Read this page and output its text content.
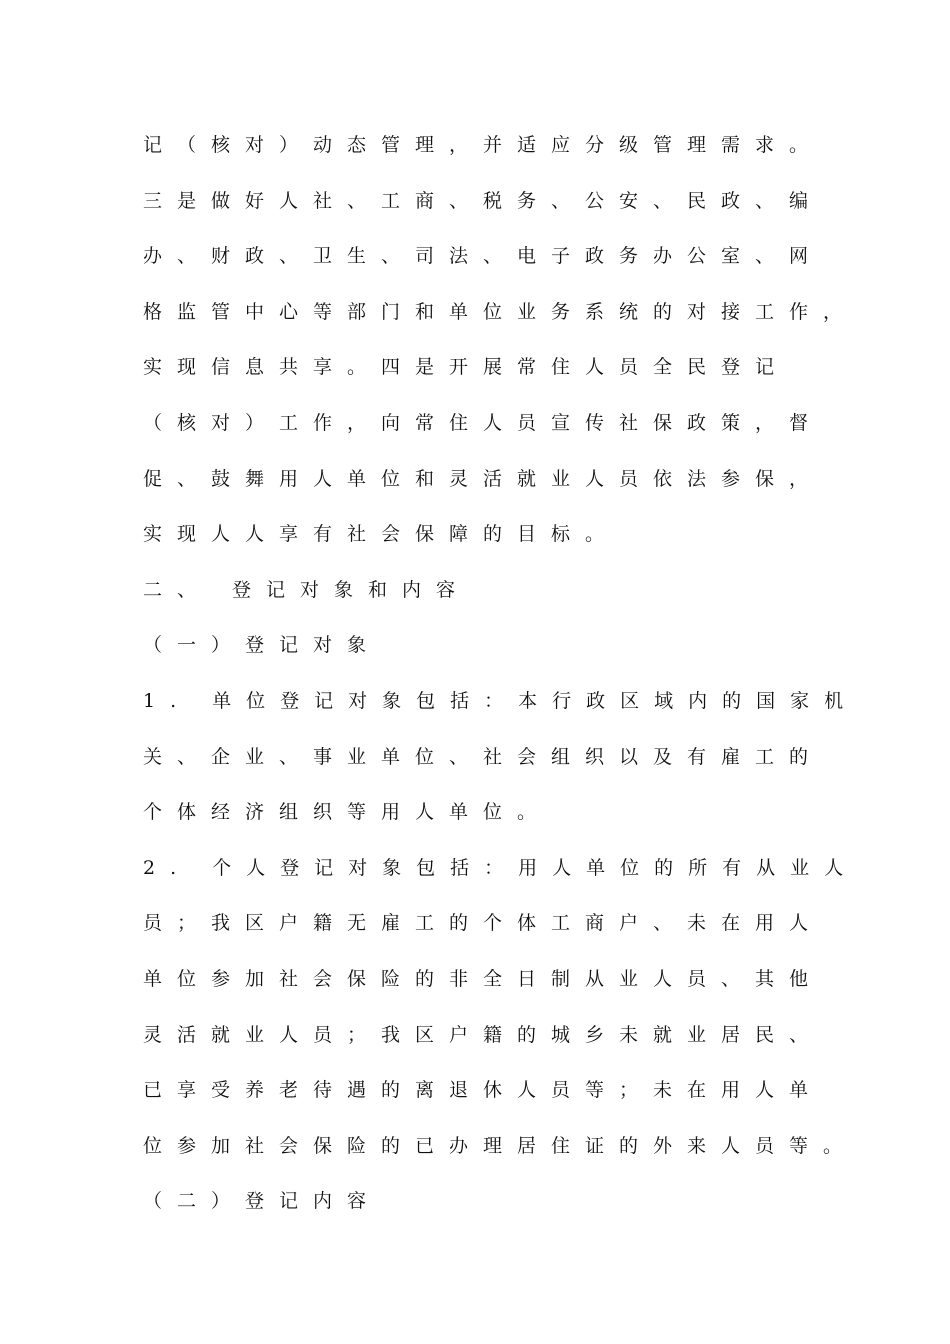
记（核对）动态管理，并适应分级管理需求。
三是做好人社、工商、税务、公安、民政、编
办、财政、卫生、司法、电子政务办公室、网
格监管中心等部门和单位业务系统的对接工作，
实现信息共享。四是开展常住人员全民登记
（核对）工作，向常住人员宣传社保政策，督
促、鼓舞用人单位和灵活就业人员依法参保，
实现人人享有社会保障的目标。
二、 登记对象和内容
（一）登记对象
1. 单位登记对象包括：本行政区域内的国家机
关、企业、事业单位、社会组织以及有雇工的
个体经济组织等用人单位。
2. 个人登记对象包括：用人单位的所有从业人
员；我区户籍无雇工的个体工商户、未在用人
单位参加社会保险的非全日制从业人员、其他
灵活就业人员；我区户籍的城乡未就业居民、
已享受养老待遇的离退休人员等；未在用人单
位参加社会保险的已办理居住证的外来人员等。
（二）登记内容
